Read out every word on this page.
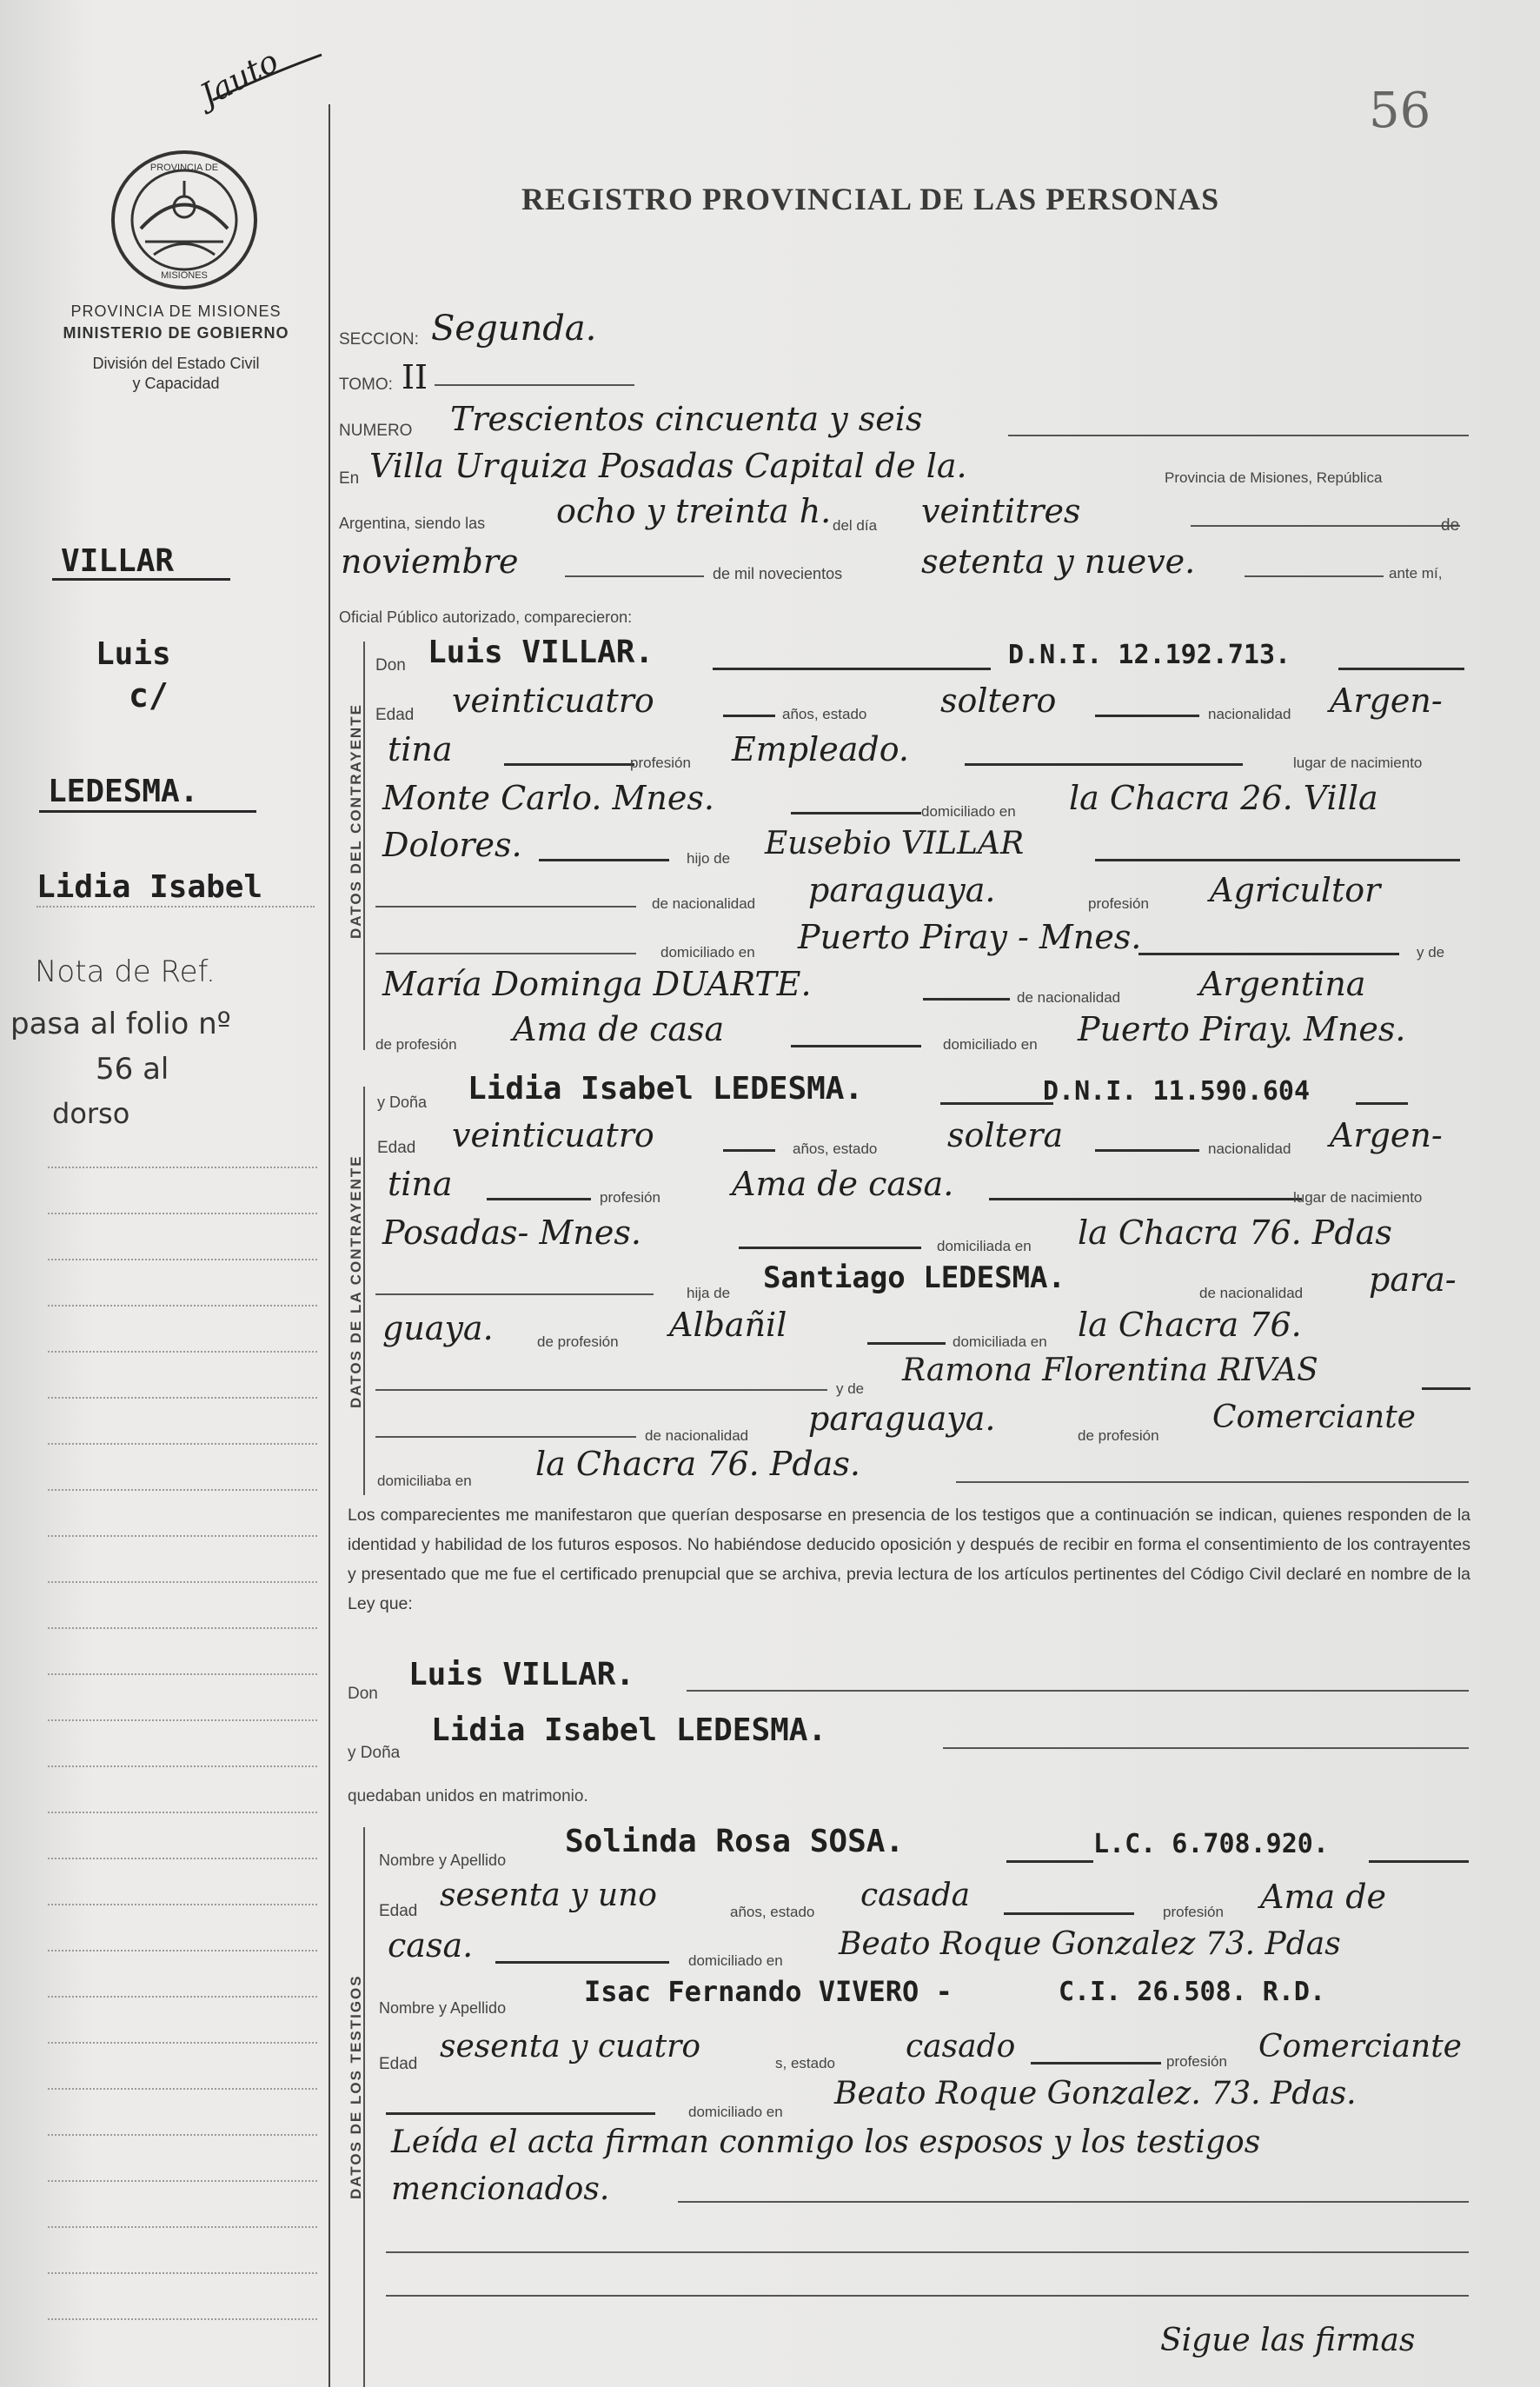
Jauto
PROVINCIA DE
MISIONES
PROVINCIA DE MISIONES
MINISTERIO DE GOBIERNO
División del Estado Civil
y Capacidad
VILLAR
Luis
c/
LEDESMA.
Lidia Isabel
Nota de Ref.
pasa al folio nº
56 al
dorso
56
REGISTRO PROVINCIAL DE LAS PERSONAS
SECCION: Segunda.
TOMO: II
NUMERO Trescientos cincuenta y seis
En Villa Urquiza Posadas Capital de la.	Provincia de Misiones, República
Argentina, siendo las ocho y treinta h. del día veintitres	de
noviembre	de mil novecientos setenta y nueve.	ante mí,
Oficial Público autorizado, comparecieron:
DATOS DEL CONTRAYENTE
Don Luis VILLAR.	D.N.I. 12.192.713.
Edad veinticuatro	años, estado soltero	nacionalidad Argen-
tina	profesión Empleado.	lugar de nacimiento
Monte Carlo. Mnes.	domiciliado en la Chacra 26. Villa
Dolores.	hijo de Eusebio VILLAR
de nacionalidad paraguaya.	profesión Agricultor
domiciliado en Puerto Piray - Mnes.	y de
María Dominga DUARTE.	de nacionalidad Argentina
de profesión Ama de casa	domiciliado en Puerto Piray. Mnes.
DATOS DE LA CONTRAYENTE
y Doña Lidia Isabel LEDESMA.	D.N.I. 11.590.604
Edad veinticuatro	años, estado soltera	nacionalidad Argen-
tina	profesión Ama de casa.	lugar de nacimiento
Posadas- Mnes.	domiciliada en la Chacra 76. Pdas
hija de Santiago LEDESMA.	de nacionalidad para-
guaya.	de profesión Albañil	domiciliada en la Chacra 76.
y de
Ramona Florentina RIVAS
de nacionalidad paraguaya.	de profesión
Comerciante
domiciliaba en la Chacra 76. Pdas.
Los comparecientes me manifestaron que querían desposarse en presencia de los testigos que a continuación se indican, quienes responden de la identidad y habilidad de los futuros esposos. No habiéndose deducido oposición y después de recibir en forma el consentimiento de los contrayentes y presentado que me fue el certificado prenupcial que se archiva, previa lectura de los artículos pertinentes del Código Civil declaré en nombre de la Ley que:
Don
Luis VILLAR.
y Doña
Lidia Isabel LEDESMA.
quedaban unidos en matrimonio.
DATOS DE LOS TESTIGOS
Nombre y Apellido
Solinda Rosa SOSA.	L.C. 6.708.920.
Edad sesenta y uno	años, estado casada	profesión Ama de
casa.	domiciliado en Beato Roque Gonzalez 73. Pdas
Nombre y Apellido	Isac Fernando VIVERO -	C.I. 26.508. R.D.
Edad sesenta y cuatro	s, estado casado	profesión Comerciante
domiciliado en
Beato Roque Gonzalez. 73. Pdas.
Leída el acta firman conmigo los esposos y los testigos
mencionados.
Sigue las firmas
